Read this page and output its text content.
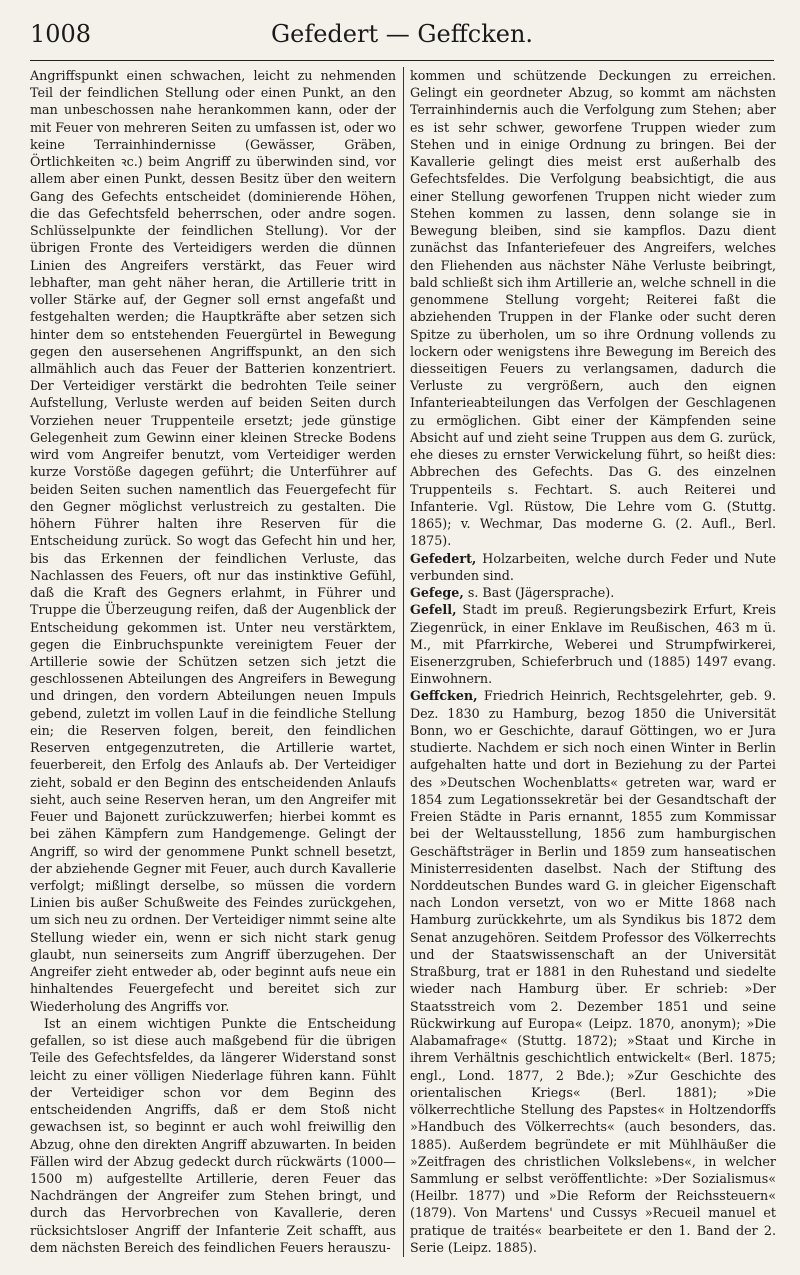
1008	Gefedert — Geffcken.

Angriffspunkt einen schwachen, leicht zu nehmenden Teil der feindlichen Stellung oder einen Punkt, an den man unbeschossen nahe herankommen kann, oder der mit Feuer von mehreren Seiten zu umfassen ist, oder wo keine Terrainhindernisse (Gewässer, Gräben, Örtlichkeiten ꝛc.) beim Angriff zu überwinden sind, vor allem aber einen Punkt, dessen Besitz über den weitern Gang des Gefechts entscheidet (dominierende Höhen, die das Gefechtsfeld beherrschen, oder andre sogen. Schlüsselpunkte der feindlichen Stellung). Vor der übrigen Fronte des Verteidigers werden die dünnen Linien des Angreifers verstärkt, das Feuer wird lebhafter, man geht näher heran, die Artillerie tritt in voller Stärke auf, der Gegner soll ernst angefaßt und festgehalten werden; die Hauptkräfte aber setzen sich hinter dem so entstehenden Feuergürtel in Bewegung gegen den ausersehenen Angriffspunkt, an den sich allmählich auch das Feuer der Batterien konzentriert. Der Verteidiger verstärkt die bedrohten Teile seiner Aufstellung, Verluste werden auf beiden Seiten durch Vorziehen neuer Truppenteile ersetzt; jede günstige Gelegenheit zum Gewinn einer kleinen Strecke Bodens wird vom Angreifer benutzt, vom Verteidiger werden kurze Vorstöße dagegen geführt; die Unterführer auf beiden Seiten suchen namentlich das Feuergefecht für den Gegner möglichst verlustreich zu gestalten. Die höhern Führer halten ihre Reserven für die Entscheidung zurück. So wogt das Gefecht hin und her, bis das Erkennen der feindlichen Verluste, das Nachlassen des Feuers, oft nur das instinktive Gefühl, daß die Kraft des Gegners erlahmt, in Führer und Truppe die Überzeugung reifen, daß der Augenblick der Entscheidung gekommen ist. Unter neu verstärktem, gegen die Einbruchspunkte vereinigtem Feuer der Artillerie sowie der Schützen setzen sich jetzt die geschlossenen Abteilungen des Angreifers in Bewegung und dringen, den vordern Abteilungen neuen Impuls gebend, zuletzt im vollen Lauf in die feindliche Stellung ein; die Reserven folgen, bereit, den feindlichen Reserven entgegenzutreten, die Artillerie wartet, feuerbereit, den Erfolg des Anlaufs ab. Der Verteidiger zieht, sobald er den Beginn des entscheidenden Anlaufs sieht, auch seine Reserven heran, um den Angreifer mit Feuer und Bajonett zurückzuwerfen; hierbei kommt es bei zähen Kämpfern zum Handgemenge. Gelingt der Angriff, so wird der genommene Punkt schnell besetzt, der abziehende Gegner mit Feuer, auch durch Kavallerie verfolgt; mißlingt derselbe, so müssen die vordern Linien bis außer Schußweite des Feindes zurückgehen, um sich neu zu ordnen. Der Verteidiger nimmt seine alte Stellung wieder ein, wenn er sich nicht stark genug glaubt, nun seinerseits zum Angriff überzugehen. Der Angreifer zieht entweder ab, oder beginnt aufs neue ein hinhaltendes Feuergefecht und bereitet sich zur Wiederholung des Angriffs vor.

Ist an einem wichtigen Punkte die Entscheidung gefallen, so ist diese auch maßgebend für die übrigen Teile des Gefechtsfeldes, da längerer Widerstand sonst leicht zu einer völligen Niederlage führen kann. Fühlt der Verteidiger schon vor dem Beginn des entscheidenden Angriffs, daß er dem Stoß nicht gewachsen ist, so beginnt er auch wohl freiwillig den Abzug, ohne den direkten Angriff abzuwarten. In beiden Fällen wird der Abzug gedeckt durch rückwärts (1000—1500 m) aufgestellte Artillerie, deren Feuer das Nachdrängen der Angreifer zum Stehen bringt, und durch das Hervorbrechen von Kavallerie, deren rücksichtsloser Angriff der Infanterie Zeit schafft, aus dem nächsten Bereich des feindlichen Feuers herauszu-

kommen und schützende Deckungen zu erreichen. Gelingt ein geordneter Abzug, so kommt am nächsten Terrainhindernis auch die Verfolgung zum Stehen; aber es ist sehr schwer, geworfene Truppen wieder zum Stehen und in einige Ordnung zu bringen. Bei der Kavallerie gelingt dies meist erst außerhalb des Gefechtsfeldes. Die Verfolgung beabsichtigt, die aus einer Stellung geworfenen Truppen nicht wieder zum Stehen kommen zu lassen, denn solange sie in Bewegung bleiben, sind sie kampflos. Dazu dient zunächst das Infanteriefeuer des Angreifers, welches den Fliehenden aus nächster Nähe Verluste beibringt, bald schließt sich ihm Artillerie an, welche schnell in die genommene Stellung vorgeht; Reiterei faßt die abziehenden Truppen in der Flanke oder sucht deren Spitze zu überholen, um so ihre Ordnung vollends zu lockern oder wenigstens ihre Bewegung im Bereich des diesseitigen Feuers zu verlangsamen, dadurch die Verluste zu vergrößern, auch den eignen Infanterieabteilungen das Verfolgen der Geschlagenen zu ermöglichen. Gibt einer der Kämpfenden seine Absicht auf und zieht seine Truppen aus dem G. zurück, ehe dieses zu ernster Verwickelung führt, so heißt dies: Abbrechen des Gefechts. Das G. des einzelnen Truppenteils s. Fechtart. S. auch Reiterei und Infanterie. Vgl. Rüstow, Die Lehre vom G. (Stuttg. 1865); v. Wechmar, Das moderne G. (2. Aufl., Berl. 1875).

Gefedert, Holzarbeiten, welche durch Feder und Nute verbunden sind.

Gefege, s. Bast (Jägersprache).

Gefell, Stadt im preuß. Regierungsbezirk Erfurt, Kreis Ziegenrück, in einer Enklave im Reußischen, 463 m ü. M., mit Pfarrkirche, Weberei und Strumpfwirkerei, Eisenerzgruben, Schieferbruch und (1885) 1497 evang. Einwohnern.

Geffcken, Friedrich Heinrich, Rechtsgelehrter, geb. 9. Dez. 1830 zu Hamburg, bezog 1850 die Universität Bonn, wo er Geschichte, darauf Göttingen, wo er Jura studierte. Nachdem er sich noch einen Winter in Berlin aufgehalten hatte und dort in Beziehung zu der Partei des »Deutschen Wochenblatts« getreten war, ward er 1854 zum Legationssekretär bei der Gesandtschaft der Freien Städte in Paris ernannt, 1855 zum Kommissar bei der Weltausstellung, 1856 zum hamburgischen Geschäftsträger in Berlin und 1859 zum hanseatischen Ministerresidenten daselbst. Nach der Stiftung des Norddeutschen Bundes ward G. in gleicher Eigenschaft nach London versetzt, von wo er Mitte 1868 nach Hamburg zurückkehrte, um als Syndikus bis 1872 dem Senat anzugehören. Seitdem Professor des Völkerrechts und der Staatswissenschaft an der Universität Straßburg, trat er 1881 in den Ruhestand und siedelte wieder nach Hamburg über. Er schrieb: »Der Staatsstreich vom 2. Dezember 1851 und seine Rückwirkung auf Europa« (Leipz. 1870, anonym); »Die Alabamafrage« (Stuttg. 1872); »Staat und Kirche in ihrem Verhältnis geschichtlich entwickelt« (Berl. 1875; engl., Lond. 1877, 2 Bde.); »Zur Geschichte des orientalischen Kriegs« (Berl. 1881); »Die völkerrechtliche Stellung des Papstes« in Holtzendorffs »Handbuch des Völkerrechts« (auch besonders, das. 1885). Außerdem begründete er mit Mühlhäußer die »Zeitfragen des christlichen Volkslebens«, in welcher Sammlung er selbst veröffentlichte: »Der Sozialismus« (Heilbr. 1877) und »Die Reform der Reichssteuern« (1879). Von Martens' und Cussys »Recueil manuel et pratique de traités« bearbeitete er den 1. Band der 2. Serie (Leipz. 1885).
